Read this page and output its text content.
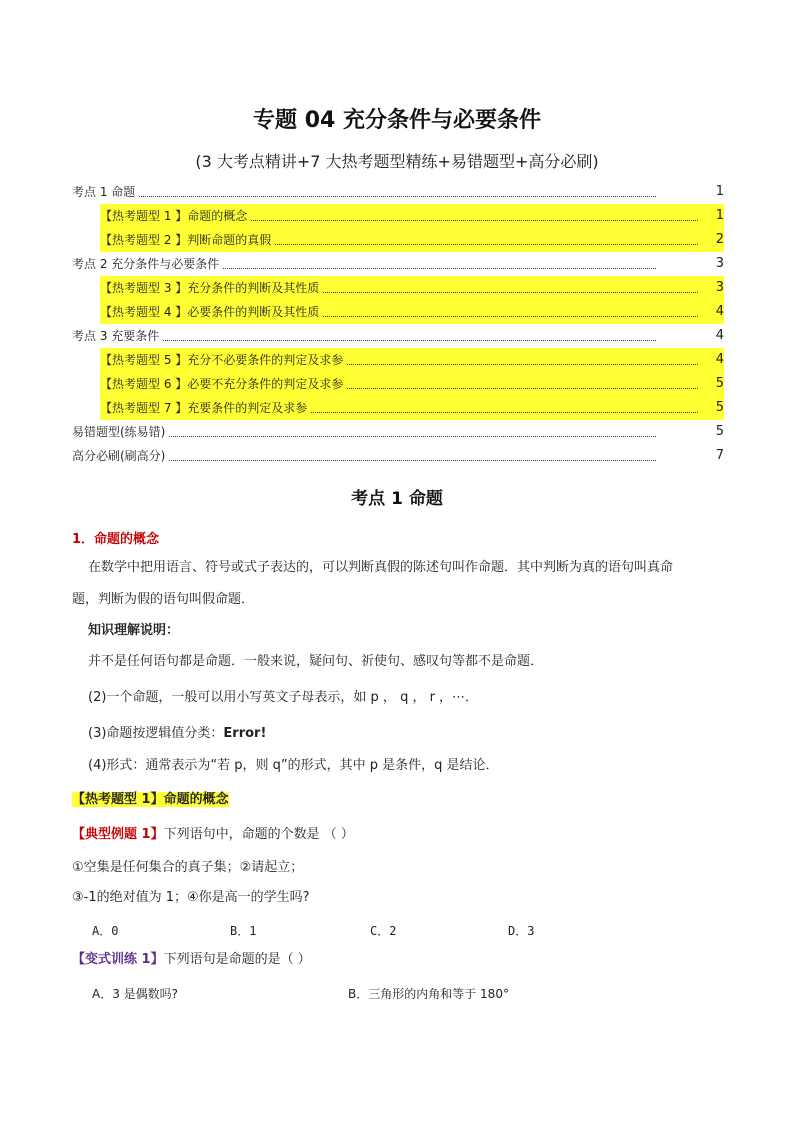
专题 04 充分条件与必要条件
(3 大考点精讲+7 大热考题型精练+易错题型+高分必刷)
考点 1 命题	1
【热考题型 1 】命题的概念	1
【热考题型 2 】判断命题的真假	2
考点 2 充分条件与必要条件	3
【热考题型 3 】充分条件的判断及其性质	3
【热考题型 4 】必要条件的判断及其性质	4
考点 3 充要条件	4
【热考题型 5 】充分不必要条件的判定及求参	4
【热考题型 6 】必要不充分条件的判定及求参	5
【热考题型 7 】充要条件的判定及求参	5
易错题型(练易错)	5
高分必刷(刷高分)	7
考点 1 命题
1．命题的概念
在数学中把用语言、符号或式子表达的，可以判断真假的陈述句叫作命题．其中判断为真的语句叫真命
题，判断为假的语句叫假命题．
知识理解说明：
并不是任何语句都是命题．一般来说，疑问句、祈使句、感叹句等都不是命题．
(2)一个命题，一般可以用小写英文子母表示，如 p ， q ， r ，⋯．
(3)命题按逻辑值分类：Error!
(4)形式：通常表示为“若 p，则 q”的形式，其中 p 是条件，q 是结论．
【热考题型 1】命题的概念
【典型例题 1】下列语句中，命题的个数是 （ ）
①空集是任何集合的真子集；②请起立；
③-1的绝对值为 1；④你是高一的学生吗?
A．0	B．1	C．2	D．3
【变式训练 1】下列语句是命题的是（ ）
A．3 是偶数吗?	B．三角形的内角和等于 180°
